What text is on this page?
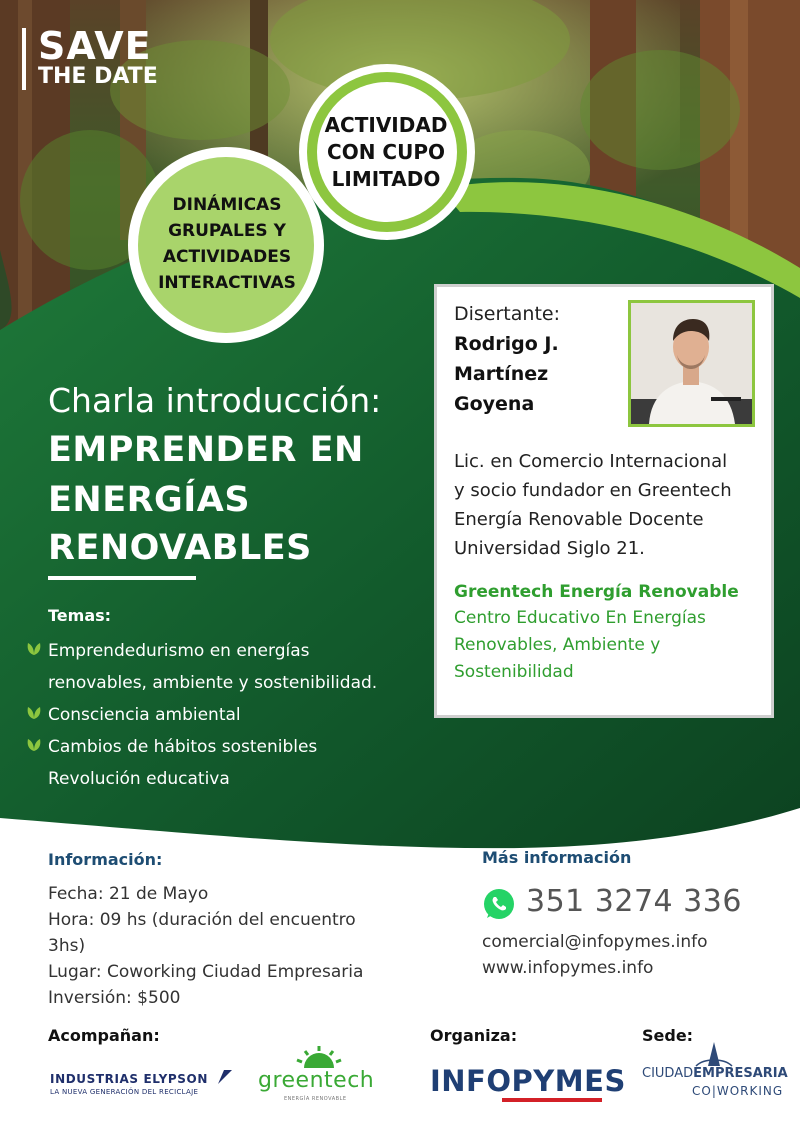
SAVE
THE DATE
ACTIVIDAD
CON CUPO
LIMITADO
DINÁMICAS
GRUPALES Y
ACTIVIDADES
INTERACTIVAS
Charla introducción:
EMPRENDER EN
ENERGÍAS
RENOVABLES
Temas:
Emprendedurismo en energías
renovables, ambiente y sostenibilidad.
Consciencia ambiental
Cambios de hábitos sostenibles
Revolución educativa
Disertante:
Rodrigo J.
Martínez
Goyena
Lic. en Comercio Internacional
y socio fundador en Greentech
Energía Renovable Docente
Universidad Siglo 21.
Greentech Energía Renovable
Centro Educativo En Energías
Renovables, Ambiente y
Sostenibilidad
Información:
Fecha: 21 de Mayo
Hora: 09 hs (duración del encuentro
3hs)
Lugar: Coworking Ciudad Empresaria
Inversión: $500
Más información
351 3274 336
comercial@infopymes.info
www.infopymes.info
Acompañan:	Organiza:	Sede:
INDUSTRIAS ELYPSON
LA NUEVA GENERACIÓN DEL RECICLAJE	greentech
ENERGÍA RENOVABLE
INFOPYMES CIUDADEMPRESARIA
CO|WORKING
